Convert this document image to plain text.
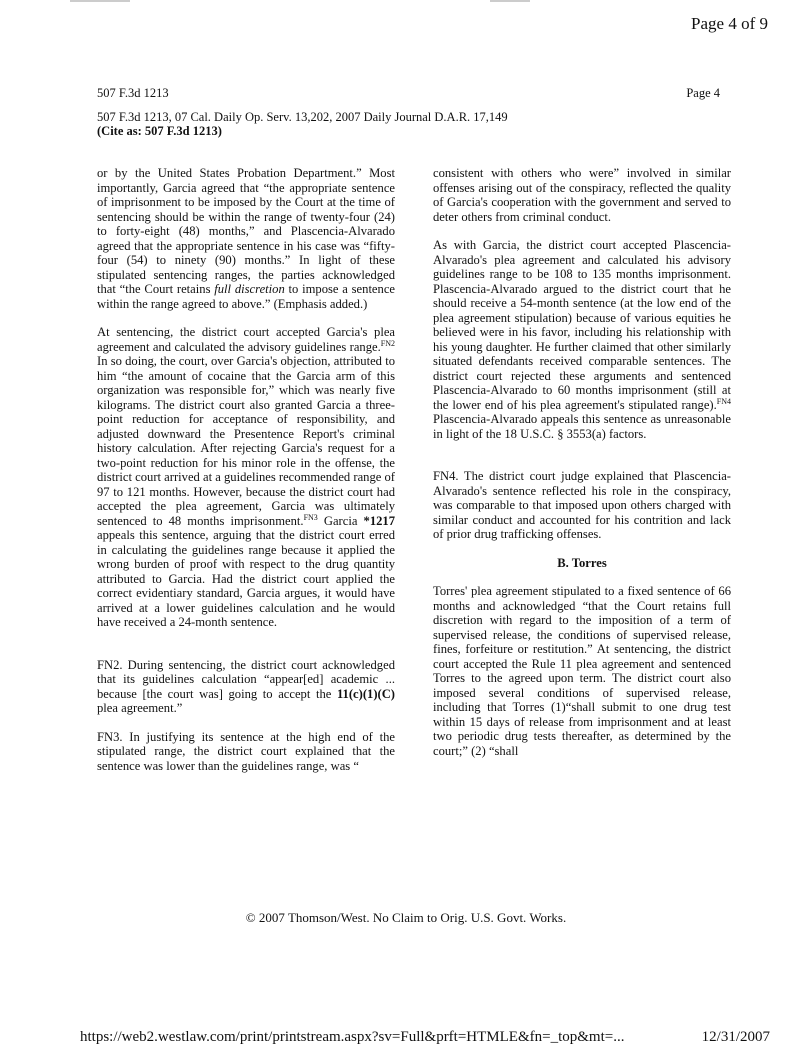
Page 4 of 9
507 F.3d 1213	Page 4
507 F.3d 1213, 07 Cal. Daily Op. Serv. 13,202, 2007 Daily Journal D.A.R. 17,149
(Cite as: 507 F.3d 1213)

or by the United States Probation Department.” Most importantly, Garcia agreed that “the appropriate sentence of imprisonment to be imposed by the Court at the time of sentencing should be within the range of twenty-four (24) to forty-eight (48) months,” and Plascencia-Alvarado agreed that the appropriate sentence in his case was “fifty-four (54) to ninety (90) months.” In light of these stipulated sentencing ranges, the parties acknowledged that “the Court retains full discretion to impose a sentence within the range agreed to above.” (Emphasis added.)

At sentencing, the district court accepted Garcia's plea agreement and calculated the advisory guidelines range.$^{FN2}$ In so doing, the court, over Garcia's objection, attributed to him “the amount of cocaine that the Garcia arm of this organization was responsible for,” which was nearly five kilograms. The district court also granted Garcia a three-point reduction for acceptance of responsibility, and adjusted downward the Presentence Report's criminal history calculation. After rejecting Garcia's request for a two-point reduction for his minor role in the offense, the district court arrived at a guidelines recommended range of 97 to 121 months. However, because the district court had accepted the plea agreement, Garcia was ultimately sentenced to 48 months imprisonment.$^{FN3}$ Garcia *1217 appeals this sentence, arguing that the district court erred in calculating the guidelines range because it applied the wrong burden of proof with respect to the drug quantity attributed to Garcia. Had the district court applied the correct evidentiary standard, Garcia argues, it would have arrived at a lower guidelines calculation and he would have received a 24-month sentence.

FN2. During sentencing, the district court acknowledged that its guidelines calculation “appear[ed] academic ... because [the court was] going to accept the 11(c)(1)(C) plea agreement.”

FN3. In justifying its sentence at the high end of the stipulated range, the district court explained that the sentence was lower than the guidelines range, was “

consistent with others who were” involved in similar offenses arising out of the conspiracy, reflected the quality of Garcia's cooperation with the government and served to deter others from criminal conduct.

As with Garcia, the district court accepted Plascencia-Alvarado's plea agreement and calculated his advisory guidelines range to be 108 to 135 months imprisonment. Plascencia-Alvarado argued to the district court that he should receive a 54-month sentence (at the low end of the plea agreement stipulation) because of various equities he believed were in his favor, including his relationship with his young daughter. He further claimed that other similarly situated defendants received comparable sentences. The district court rejected these arguments and sentenced Plascencia-Alvarado to 60 months imprisonment (still at the lower end of his plea agreement's stipulated range).$^{FN4}$ Plascencia-Alvarado appeals this sentence as unreasonable in light of the 18 U.S.C. § 3553(a) factors.

FN4. The district court judge explained that Plascencia-Alvarado's sentence reflected his role in the conspiracy, was comparable to that imposed upon others charged with similar conduct and accounted for his contrition and lack of prior drug trafficking offenses.

B. Torres

Torres' plea agreement stipulated to a fixed sentence of 66 months and acknowledged “that the Court retains full discretion with regard to the imposition of a term of supervised release, the conditions of supervised release, fines, forfeiture or restitution.” At sentencing, the district court accepted the Rule 11 plea agreement and sentenced Torres to the agreed upon term. The district court also imposed several conditions of supervised release, including that Torres (1)“shall submit to one drug test within 15 days of release from imprisonment and at least two periodic drug tests thereafter, as determined by the court;” (2) “shall

© 2007 Thomson/West. No Claim to Orig. U.S. Govt. Works.
https://web2.westlaw.com/print/printstream.aspx?sv=Full&prft=HTMLE&fn=_top&mt=...	12/31/2007
